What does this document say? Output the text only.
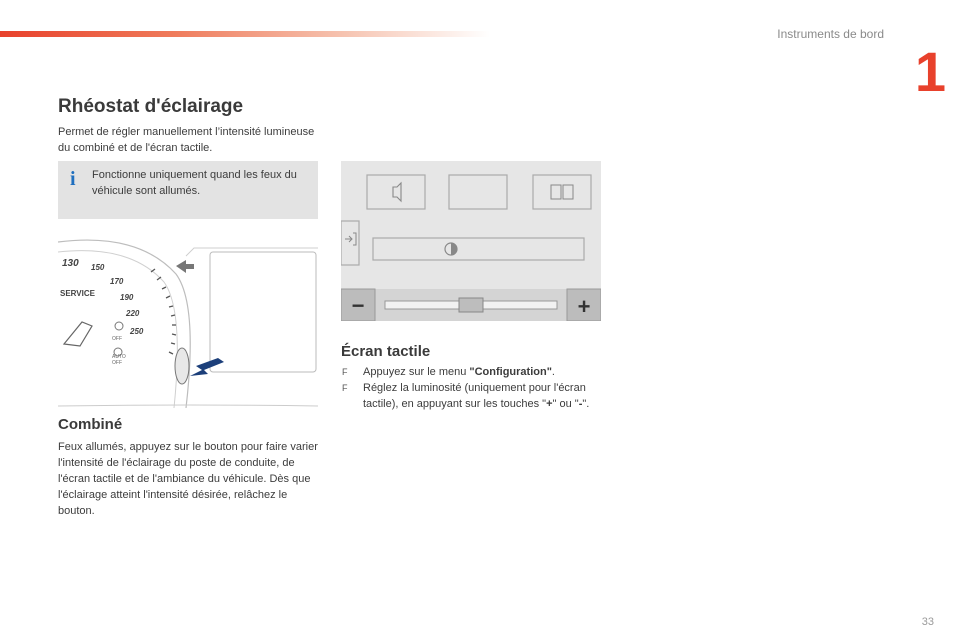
Instruments de bord
1
Rhéostat d'éclairage

Permet de régler manuellement l’intensité lumineuse du combiné et de l'écran tactile.

i Fonctionne uniquement quand les feux du véhicule sont allumés.
130 150
170
190
220
250
SERVICE
OFF
OFF
AUTO
−	+
Combiné

Feux allumés, appuyez sur le bouton pour faire varier l'intensité de l'éclairage du poste de conduite, de l'écran tactile et de l'ambiance du véhicule. Dès que l'éclairage atteint l'intensité désirée, relâchez le bouton.

Écran tactile
F Appuyez sur le menu "Configuration".
F Réglez la luminosité (uniquement pour l'écran tactile), en appuyant sur les touches "+" ou "-".
33
